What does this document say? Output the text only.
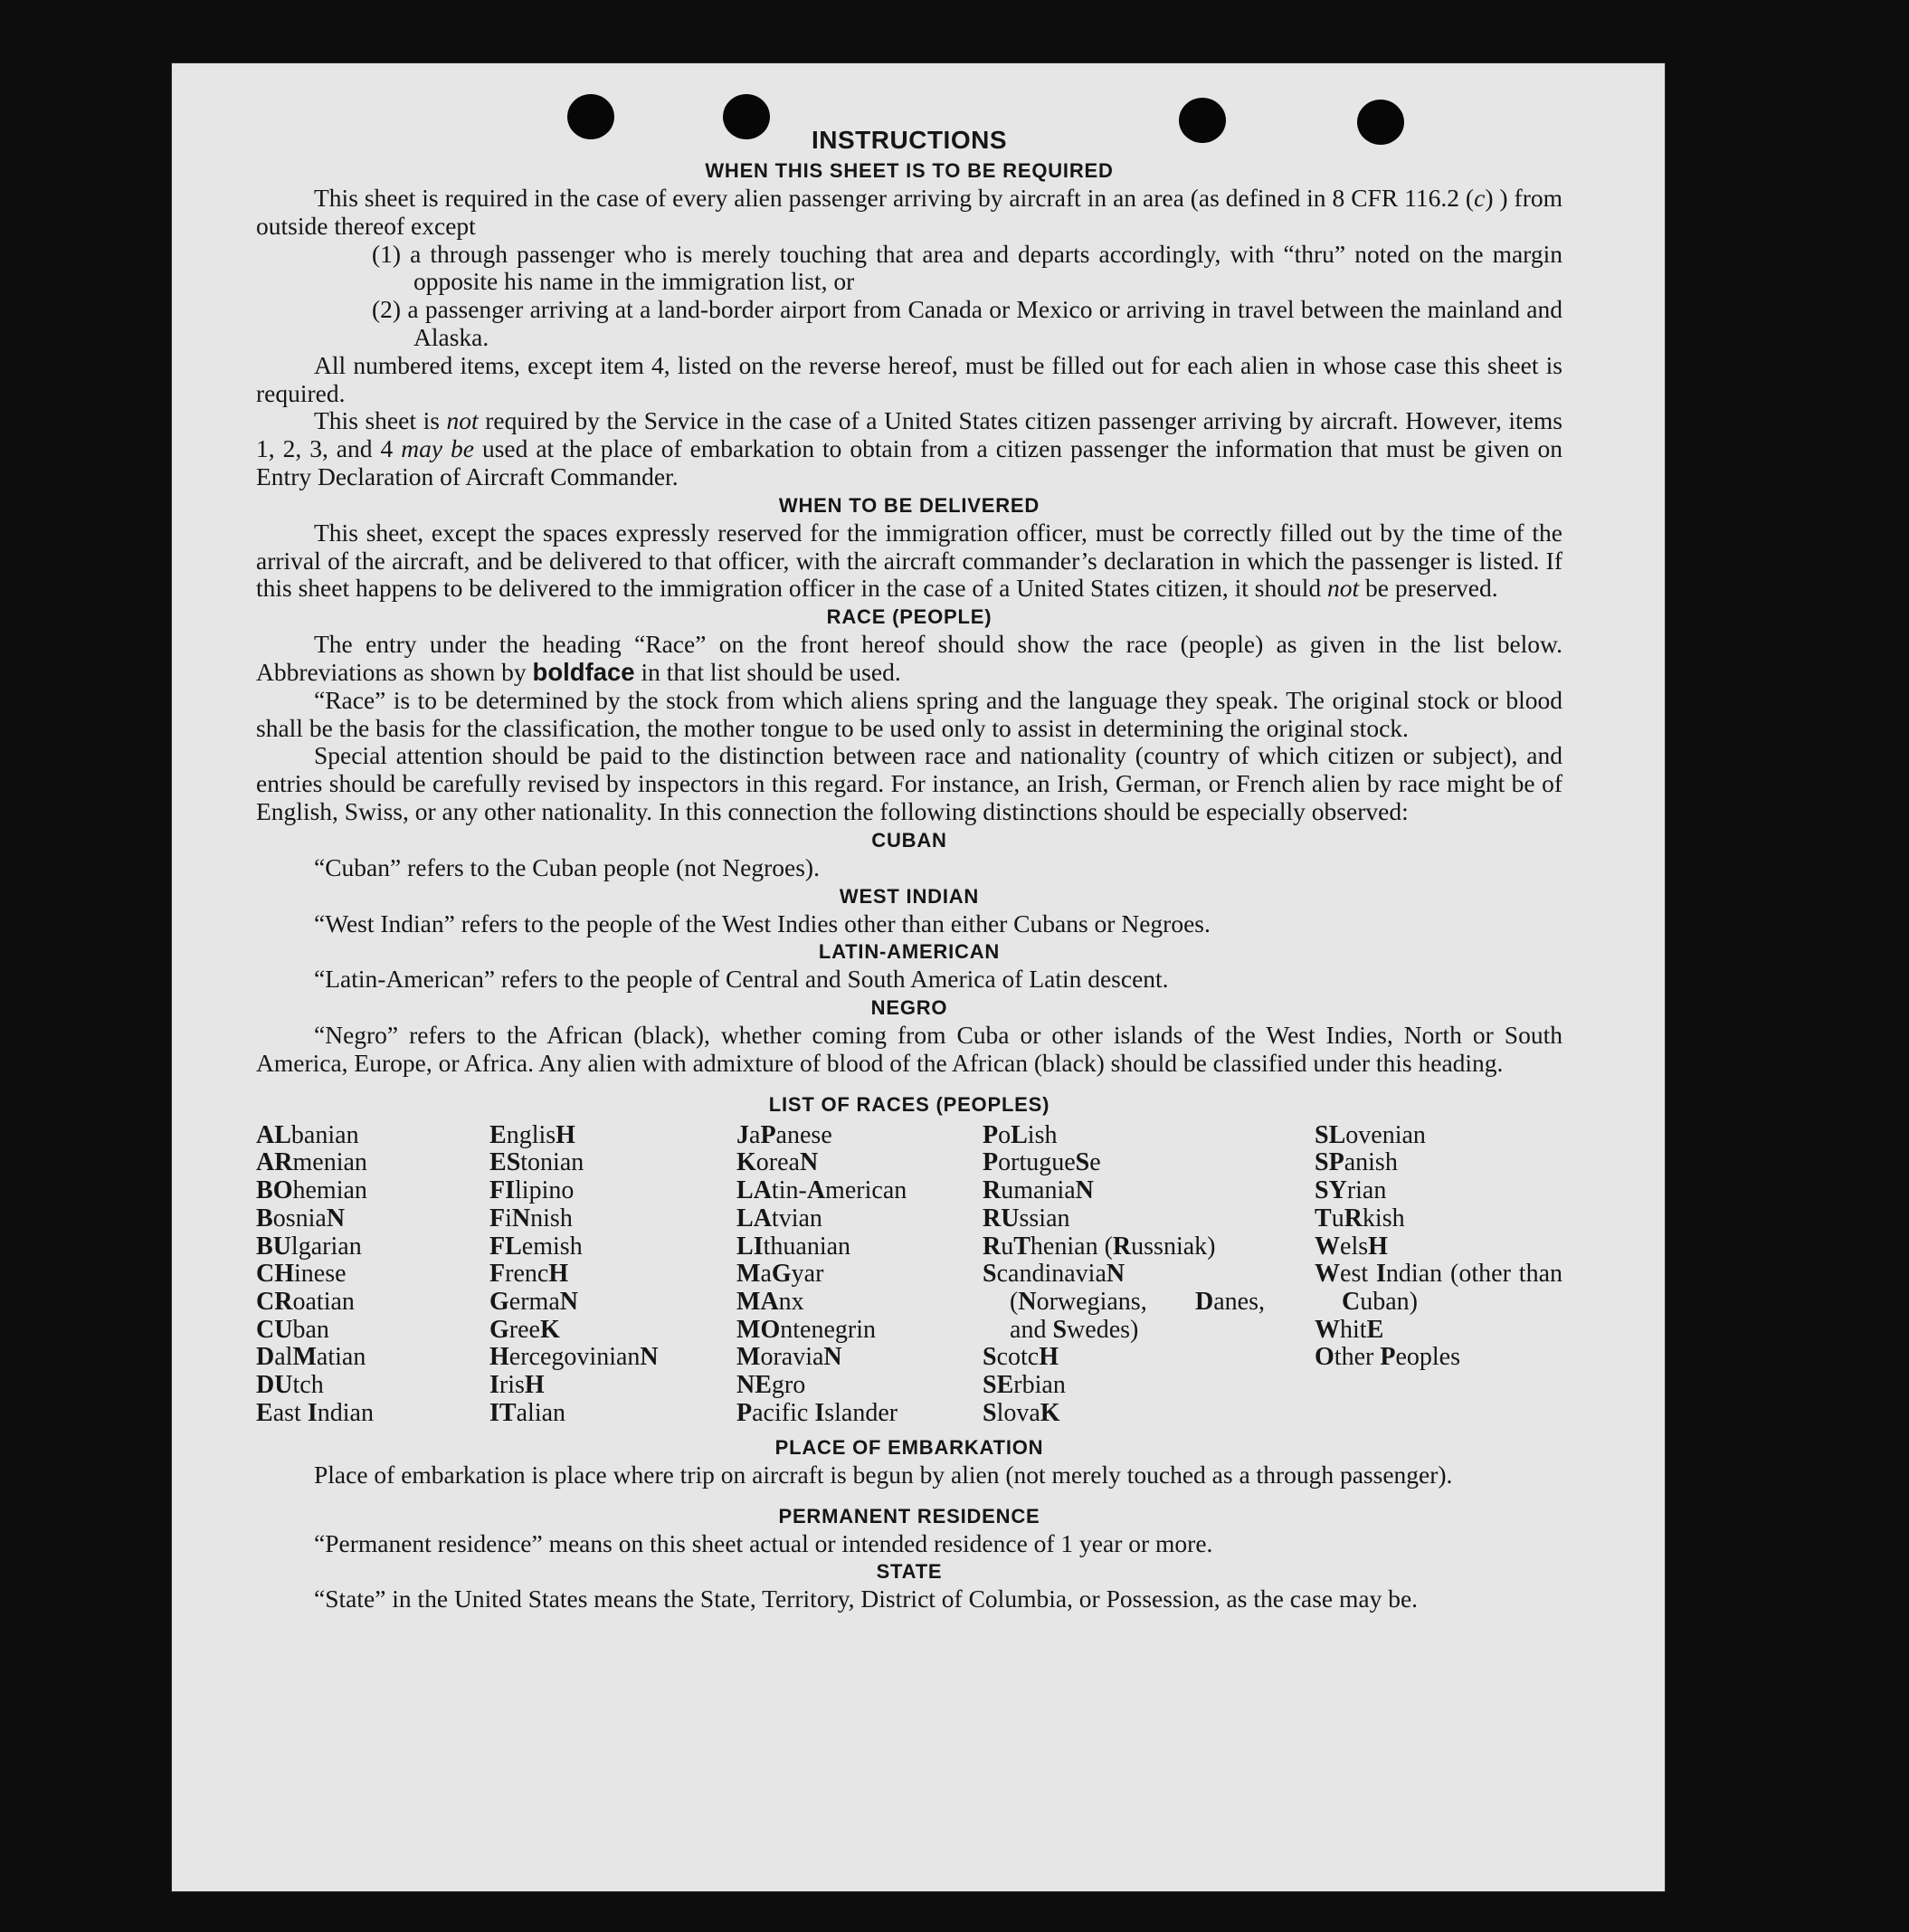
INSTRUCTIONS
WHEN THIS SHEET IS TO BE REQUIRED

This sheet is required in the case of every alien passenger arriving by aircraft in an area (as defined in 8 CFR 116.2 (c) ) from outside thereof except

(1) a through passenger who is merely touching that area and departs accordingly, with “thru” noted on the margin opposite his name in the immigration list, or
(2) a passenger arriving at a land-border airport from Canada or Mexico or arriving in travel between the mainland and Alaska.

All numbered items, except item 4, listed on the reverse hereof, must be filled out for each alien in whose case this sheet is required.

This sheet is not required by the Service in the case of a United States citizen passenger arriving by aircraft. However, items 1, 2, 3, and 4 may be used at the place of embarkation to obtain from a citizen passenger the information that must be given on Entry Declaration of Aircraft Commander.

WHEN TO BE DELIVERED

This sheet, except the spaces expressly reserved for the immigration officer, must be correctly filled out by the time of the arrival of the aircraft, and be delivered to that officer, with the aircraft commander’s declaration in which the passenger is listed. If this sheet happens to be delivered to the immigration officer in the case of a United States citizen, it should not be preserved.

RACE (PEOPLE)

The entry under the heading “Race” on the front hereof should show the race (people) as given in the list below. Abbreviations as shown by boldface in that list should be used.

“Race” is to be determined by the stock from which aliens spring and the language they speak. The original stock or blood shall be the basis for the classification, the mother tongue to be used only to assist in determining the original stock.

Special attention should be paid to the distinction between race and nationality (country of which citizen or subject), and entries should be carefully revised by inspectors in this regard. For instance, an Irish, German, or French alien by race might be of English, Swiss, or any other nationality. In this connection the following distinctions should be especially observed:

CUBAN

“Cuban” refers to the Cuban people (not Negroes).

WEST INDIAN

“West Indian” refers to the people of the West Indies other than either Cubans or Negroes.

LATIN-AMERICAN

“Latin-American” refers to the people of Central and South America of Latin descent.

NEGRO

“Negro” refers to the African (black), whether coming from Cuba or other islands of the West Indies, North or South America, Europe, or Africa. Any alien with admixture of blood of the African (black) should be classified under this heading.

LIST OF RACES (PEOPLES)
ALbanian
ARmenian
BOhemian
BosniaN
BUlgarian
CHinese
CRoatian
CUban
DalMatian
DUtch
East Indian
EnglisH
EStonian
FIlipino
FiNnish
FLemish
FrencH
GermaN
GreeK
HercegovinianN
IrisH
ITalian
JaPanese
KoreaN
LAtin-American
LAtvian
LIthuanian
MaGyar
MAnx
MOntenegrin
MoraviaN
NEgro
Pacific Islander
PoLish
PortugueSe
RumaniaN
RUssian
RuThenian (Russniak)
ScandinaviaN (Norwegians, Danes, and Swedes)
ScotcH
SErbian
SlovaK
SLovenian
SPanish
SYrian
TuRkish
WelsH
West Indian (other than Cuban)
WhitE
Other Peoples
PLACE OF EMBARKATION

Place of embarkation is place where trip on aircraft is begun by alien (not merely touched as a through passenger).

PERMANENT RESIDENCE

“Permanent residence” means on this sheet actual or intended residence of 1 year or more.

STATE

“State” in the United States means the State, Territory, District of Columbia, or Possession, as the case may be.
